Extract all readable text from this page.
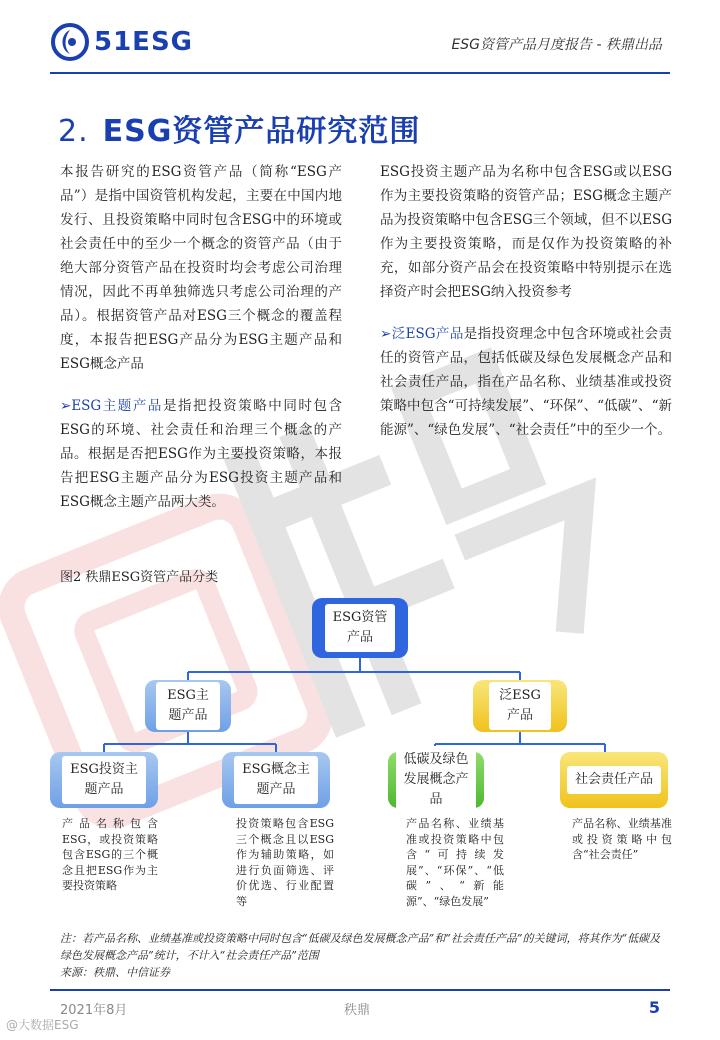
51ESG	ESG资管产品月度报告 - 秩鼎出品
2. ESG资管产品研究范围

本报告研究的ESG资管产品（简称“ESG产品”）是指中国资管机构发起，主要在中国内地发行、且投资策略中同时包含ESG中的环境或社会责任中的至少一个概念的资管产品（由于绝大部分资管产品在投资时均会考虑公司治理情况，因此不再单独筛选只考虑公司治理的产品）。根据资管产品对ESG三个概念的覆盖程度，本报告把ESG产品分为ESG主题产品和ESG概念产品

➢ESG主题产品是指把投资策略中同时包含ESG的环境、社会责任和治理三个概念的产品。根据是否把ESG作为主要投资策略，本报告把ESG主题产品分为ESG投资主题产品和ESG概念主题产品两大类。

ESG投资主题产品为名称中包含ESG或以ESG作为主要投资策略的资管产品；ESG概念主题产品为投资策略中包含ESG三个领域，但不以ESG作为主要投资策略，而是仅作为投资策略的补充，如部分资产品会在投资策略中特别提示在选择资产时会把ESG纳入投资参考

➢泛ESG产品是指投资理念中包含环境或社会责任的资管产品，包括低碳及绿色发展概念产品和社会责任产品，指在产品名称、业绩基准或投资策略中包含“可持续发展”、“环保”、“低碳”、“新能源”、“绿色发展”、“社会责任”中的至少一个。

图2 秩鼎ESG资管产品分类
ESG资管产品
ESG主题产品
泛ESG产品
ESG投资主题产品
ESG概念主题产品
低碳及绿色发展概念产品
社会责任产品
产品名称包含ESG，或投资策略包含ESG的三个概念且把ESG作为主要投资策略
投资策略包含ESG三个概念且以ESG作为辅助策略，如进行负面筛选、评价优选、行业配置等
产品名称、业绩基准或投资策略中包含“可持续发展”、“环保”、“低碳”、“新能源”、“绿色发展”
产品名称、业绩基准或投资策略中包含“社会责任”
注：若产品名称、业绩基准或投资策略中同时包含“低碳及绿色发展概念产品”和“社会责任产品”的关键词，将其作为“低碳及绿色发展概念产品”统计，不计入“社会责任产品”范围
来源：秩鼎、中信证券
2021年8月	秩鼎	5
@大数据ESG
